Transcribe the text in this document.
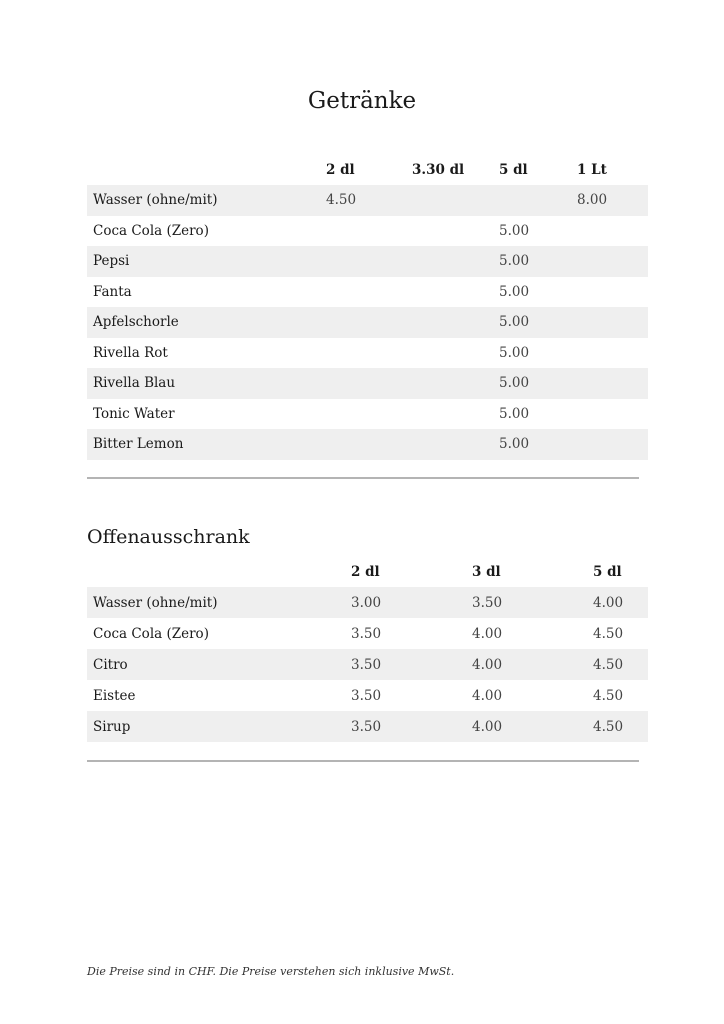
Getränke
	2 dl	3.30 dl	5 dl	1 Lt
Wasser (ohne/mit)	4.50			8.00
Coca Cola (Zero)			5.00	
Pepsi			5.00	
Fanta			5.00	
Apfelschorle			5.00	
Rivella Rot			5.00	
Rivella Blau			5.00	
Tonic Water			5.00	
Bitter Lemon			5.00	
Offenausschrank
	2 dl	3 dl	5 dl
Wasser (ohne/mit)	3.00	3.50	4.00
Coca Cola (Zero)	3.50	4.00	4.50
Citro	3.50	4.00	4.50
Eistee	3.50	4.00	4.50
Sirup	3.50	4.00	4.50
Die Preise sind in CHF. Die Preise verstehen sich inklusive MwSt.
